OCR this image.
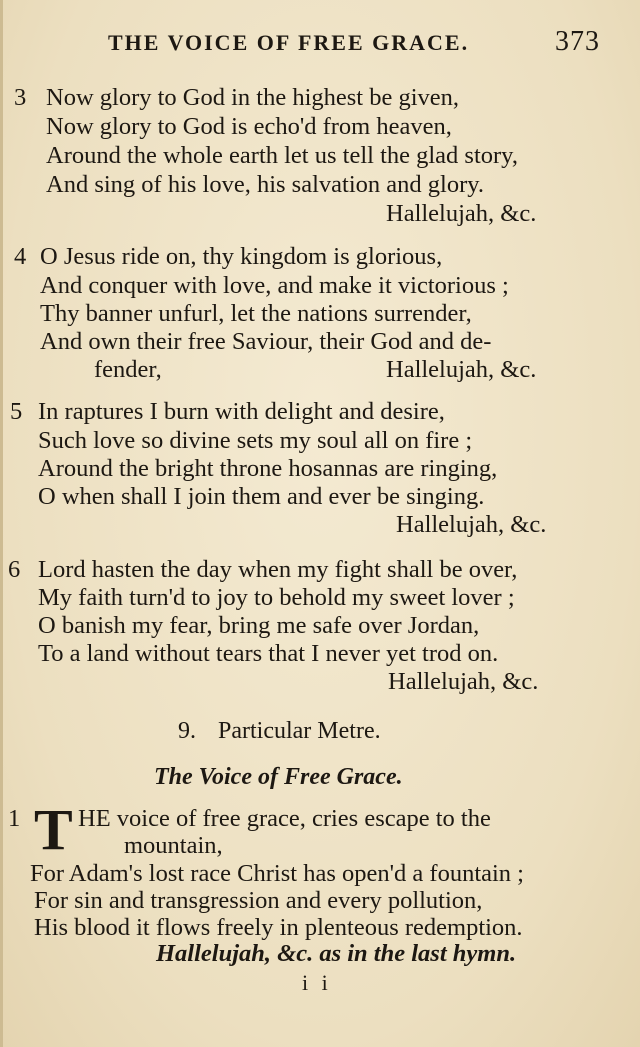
THE VOICE OF FREE GRACE.	373
3 Now glory to God in the highest be given,
Now glory to God is echo'd from heaven,
Around the whole earth let us tell the glad story,
And sing of his love, his salvation and glory.
Hallelujah, &c.
4 O Jesus ride on, thy kingdom is glorious,
And conquer with love, and make it victorious ;
Thy banner unfurl, let the nations surrender,
And own their free Saviour, their God and de-
fender,	Hallelujah, &c.
5 In raptures I burn with delight and desire,
Such love so divine sets my soul all on fire ;
Around the bright throne hosannas are ringing,
O when shall I join them and ever be singing.
Hallelujah, &c.
6 Lord hasten the day when my fight shall be over,
My faith turn'd to joy to behold my sweet lover ;
O banish my fear, bring me safe over Jordan,
To a land without tears that I never yet trod on.
Hallelujah, &c.
9. Particular Metre.
The Voice of Free Grace.
1 T HE voice of free grace, cries escape to the
mountain,
For Adam's lost race Christ has open'd a fountain ;
For sin and transgression and every pollution,
His blood it flows freely in plenteous redemption.
Hallelujah, &c. as in the last hymn.
i i
